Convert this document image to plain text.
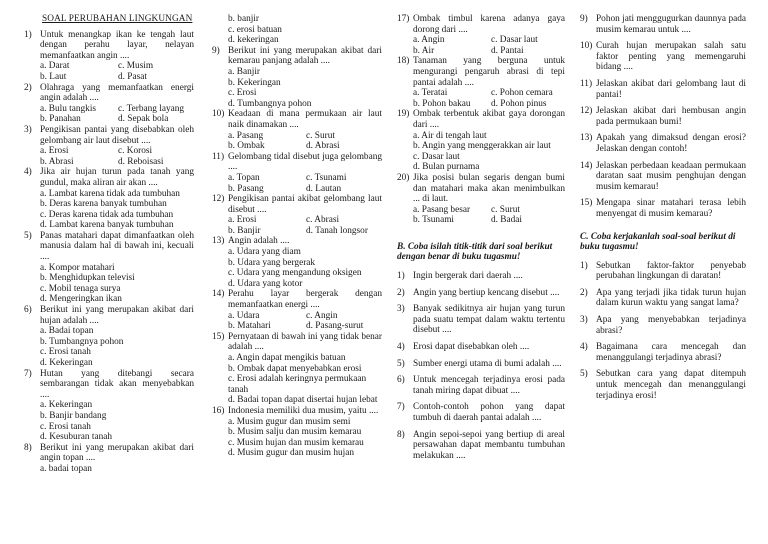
SOAL PERUBAHAN LINGKUNGAN
1) Untuk menangkap ikan ke tengah laut dengan perahu layar, nelayan memanfaatkan angin ....
a. Darat	c. Musim
b. Laut	d. Pasat
2) Olahraga yang memanfaatkan energi angin adalah ....
a. Bulu tangkis	c. Terbang layang
b. Panahan	d. Sepak bola
3) Pengikisan pantai yang disebabkan oleh gelombang air laut disebut ....
a. Erosi	c. Korosi
b. Abrasi	d. Reboisasi
4) Jika air hujan turun pada tanah yang gundul, maka aliran air akan ....
a. Lambat karena tidak ada tumbuhan
b. Deras karena banyak tumbuhan
c. Deras karena tidak ada tumbuhan
d. Lambat karena banyak tumbuhan
5) Panas matahari dapat dimanfaatkan oleh manusia dalam hal di bawah ini, kecuali ....
a. Kompor matahari
b. Menghidupkan televisi
c. Mobil tenaga surya
d. Mengeringkan ikan
6) Berikut ini yang merupakan akibat dari hujan adalah ....
a. Badai topan
b. Tumbangnya pohon
c. Erosi tanah
d. Kekeringan
7) Hutan yang ditebangi secara sembarangan tidak akan menyebabkan ....
a. Kekeringan
b. Banjir bandang
c. Erosi tanah
d. Kesuburan tanah
8) Berikut ini yang merupakan akibat dari angin topan ....
a. badai topan
b. banjir
c. erosi batuan
d. kekeringan
9) Berikut ini yang merupakan akibat dari kemarau panjang adalah ....
a. Banjir
b. Kekeringan
c. Erosi
d. Tumbangnya pohon
10) Keadaan di mana permukaan air laut naik dinamakan ....
a. Pasang	c. Surut
b. Ombak	d. Abrasi
11) Gelombang tidal disebut juga gelombang ....
a. Topan	c. Tsunami
b. Pasang	d. Lautan
12) Pengikisan pantai akibat gelombang laut disebut ....
a. Erosi	c. Abrasi
b. Banjir	d. Tanah longsor
13) Angin adalah ....
a. Udara yang diam
b. Udara yang bergerak
c. Udara yang mengandung oksigen
d. Udara yang kotor
14) Perahu layar bergerak dengan memanfaatkan energi ....
a. Udara	c. Angin
b. Matahari	d. Pasang-surut
15) Pernyataan di bawah ini yang tidak benar adalah ....
a. Angin dapat mengikis batuan
b. Ombak dapat menyebabkan erosi
c. Erosi adalah keringnya permukaan tanah
d. Badai topan dapat disertai hujan lebat
16) Indonesia memiliki dua musim, yaitu ....
a. Musim gugur dan musim semi
b. Musim salju dan musim kemarau
c. Musim hujan dan musim kemarau
d. Musim gugur dan musim hujan
17) Ombak timbul karena adanya gaya dorong dari ....
a. Angin	c. Dasar laut
b. Air	d. Pantai
18) Tanaman yang berguna untuk mengurangi pengaruh abrasi di tepi pantai adalah ....
a. Teratai	c. Pohon cemara
b. Pohon bakau	d. Pohon pinus
19) Ombak terbentuk akibat gaya dorongan dari ....
a. Air di tengah laut
b. Angin yang menggerakkan air laut
c. Dasar laut
d. Bulan purnama
20) Jika posisi bulan segaris dengan bumi dan matahari maka akan menimbulkan ... di laut.
a. Pasang besar	c. Surut
b. Tsunami	d. Badai
B. Coba isilah titik-titik dari soal berikut dengan benar di buku tugasmu!
1) Ingin bergerak dari daerah ....
2) Angin yang bertiup kencang disebut ....
3) Banyak sedikitnya air hujan yang turun pada suatu tempat dalam waktu tertentu disebut ....
4) Erosi dapat disebabkan oleh ....
5) Sumber energi utama di bumi adalah ....
6) Untuk mencegah terjadinya erosi pada tanah miring dapat dibuat ....
7) Contoh-contoh pohon yang dapat tumbuh di daerah pantai adalah ....
8) Angin sepoi-sepoi yang bertiup di areal persawahan dapat membantu tumbuhan melakukan ....
9) Pohon jati menggugurkan daunnya pada musim kemarau untuk ....
10) Curah hujan merupakan salah satu faktor penting yang memengaruhi bidang ....
11) Jelaskan akibat dari gelombang laut di pantai!
12) Jelaskan akibat dari hembusan angin pada permukaan bumi!
13) Apakah yang dimaksud dengan erosi? Jelaskan dengan contoh!
14) Jelaskan perbedaan keadaan permukaan daratan saat musim penghujan dengan musim kemarau!
15) Mengapa sinar matahari terasa lebih menyengat di musim kemarau?
C. Coba kerjakanlah soal-soal berikut di buku tugasmu!
1) Sebutkan faktor-faktor penyebab perubahan lingkungan di daratan!
2) Apa yang terjadi jika tidak turun hujan dalam kurun waktu yang sangat lama?
3) Apa yang menyebabkan terjadinya abrasi?
4) Bagaimana cara mencegah dan menanggulangi terjadinya abrasi?
5) Sebutkan cara yang dapat ditempuh untuk mencegah dan menanggulangi terjadinya erosi!
